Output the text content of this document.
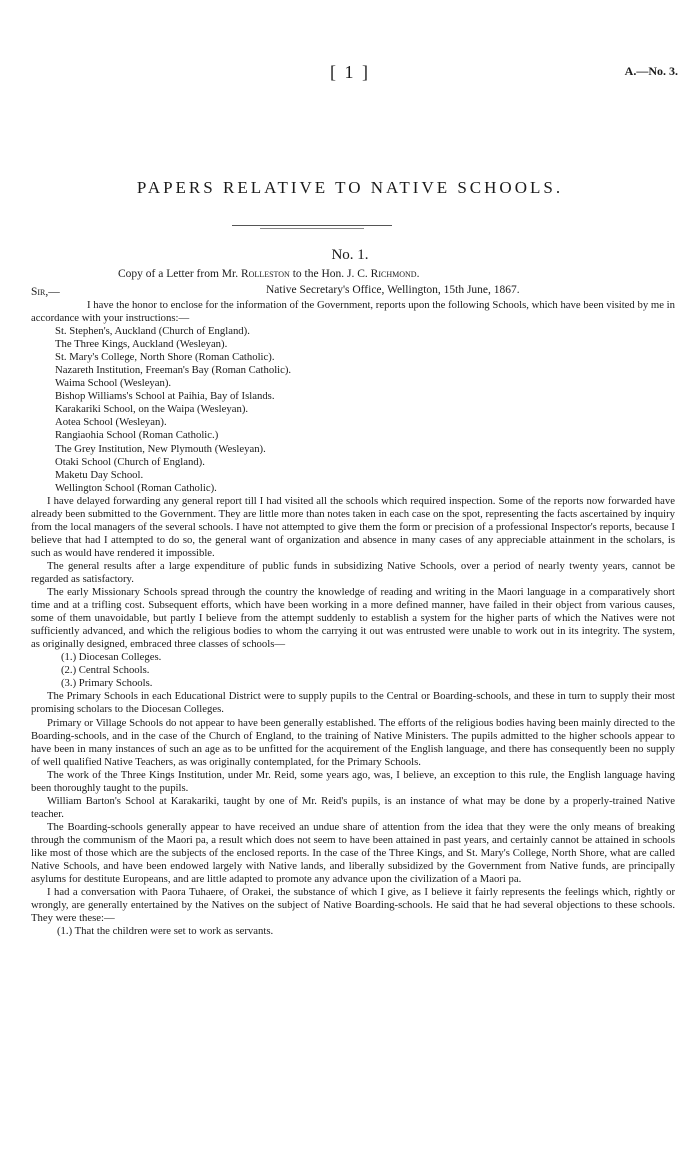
[ 1 ]	A.—No. 3.
PAPERS RELATIVE TO NATIVE SCHOOLS.
No. 1.
Copy of a Letter from Mr. Rolleston to the Hon. J. C. Richmond.
Sir,—	Native Secretary's Office, Wellington, 15th June, 1867.

I have the honor to enclose for the information of the Government, reports upon the following Schools, which have been visited by me in accordance with your instructions:—

St. Stephen's, Auckland (Church of England).
The Three Kings, Auckland (Wesleyan).
St. Mary's College, North Shore (Roman Catholic).
Nazareth Institution, Freeman's Bay (Roman Catholic).
Waima School (Wesleyan).
Bishop Williams's School at Paihia, Bay of Islands.
Karakariki School, on the Waipa (Wesleyan).
Aotea School (Wesleyan).
Rangiaohia School (Roman Catholic.)
The Grey Institution, New Plymouth (Wesleyan).
Otaki School (Church of England).
Maketu Day School.
Wellington School (Roman Catholic).

I have delayed forwarding any general report till I had visited all the schools which required inspection. Some of the reports now forwarded have already been submitted to the Government. They are little more than notes taken in each case on the spot, representing the facts ascertained by inquiry from the local managers of the several schools. I have not attempted to give them the form or precision of a professional Inspector's reports, because I believe that had I attempted to do so, the general want of organization and absence in many cases of any appreciable attainment in the scholars, is such as would have rendered it impossible.

The general results after a large expenditure of public funds in subsidizing Native Schools, over a period of nearly twenty years, cannot be regarded as satisfactory.

The early Missionary Schools spread through the country the knowledge of reading and writing in the Maori language in a comparatively short time and at a trifling cost. Subsequent efforts, which have been working in a more defined manner, have failed in their object from various causes, some of them unavoidable, but partly I believe from the attempt suddenly to establish a system for the higher parts of which the Natives were not sufficiently advanced, and which the religious bodies to whom the carrying it out was entrusted were unable to work out in its integrity. The system, as originally designed, embraced three classes of schools—

(1.) Diocesan Colleges.
(2.) Central Schools.
(3.) Primary Schools.

The Primary Schools in each Educational District were to supply pupils to the Central or Boarding-schools, and these in turn to supply their most promising scholars to the Diocesan Colleges.

Primary or Village Schools do not appear to have been generally established. The efforts of the religious bodies having been mainly directed to the Boarding-schools, and in the case of the Church of England, to the training of Native Ministers. The pupils admitted to the higher schools appear to have been in many instances of such an age as to be unfitted for the acquirement of the English language, and there has consequently been no supply of well qualified Native Teachers, as was originally contemplated, for the Primary Schools.

The work of the Three Kings Institution, under Mr. Reid, some years ago, was, I believe, an exception to this rule, the English language having been thoroughly taught to the pupils.

William Barton's School at Karakariki, taught by one of Mr. Reid's pupils, is an instance of what may be done by a properly-trained Native teacher.

The Boarding-schools generally appear to have received an undue share of attention from the idea that they were the only means of breaking through the communism of the Maori pa, a result which does not seem to have been attained in past years, and certainly cannot be attained in schools like most of those which are the subjects of the enclosed reports. In the case of the Three Kings, and St. Mary's College, North Shore, what are called Native Schools, and have been endowed largely with Native lands, and liberally subsidized by the Government from Native funds, are principally asylums for destitute Europeans, and are little adapted to promote any advance upon the civilization of a Maori pa.

I had a conversation with Paora Tuhaere, of Orakei, the substance of which I give, as I believe it fairly represents the feelings which, rightly or wrongly, are generally entertained by the Natives on the subject of Native Boarding-schools. He said that he had several objections to these schools. They were these:—

(1.) That the children were set to work as servants.
